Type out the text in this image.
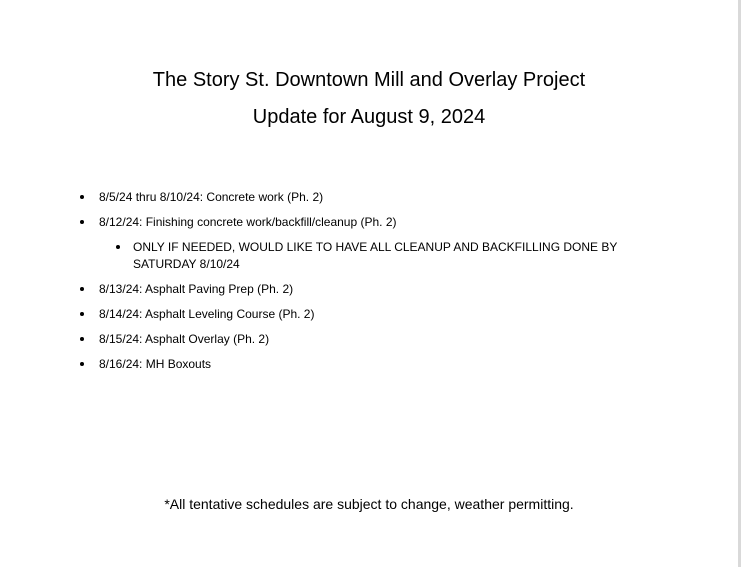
The Story St. Downtown Mill and Overlay Project
Update for August 9, 2024
8/5/24 thru 8/10/24: Concrete work (Ph. 2)
8/12/24: Finishing concrete work/backfill/cleanup (Ph. 2)
ONLY IF NEEDED, WOULD LIKE TO HAVE ALL CLEANUP AND BACKFILLING DONE BY SATURDAY 8/10/24
8/13/24: Asphalt Paving Prep (Ph. 2)
8/14/24: Asphalt Leveling Course (Ph. 2)
8/15/24: Asphalt Overlay (Ph. 2)
8/16/24: MH Boxouts
*All tentative schedules are subject to change, weather permitting.
